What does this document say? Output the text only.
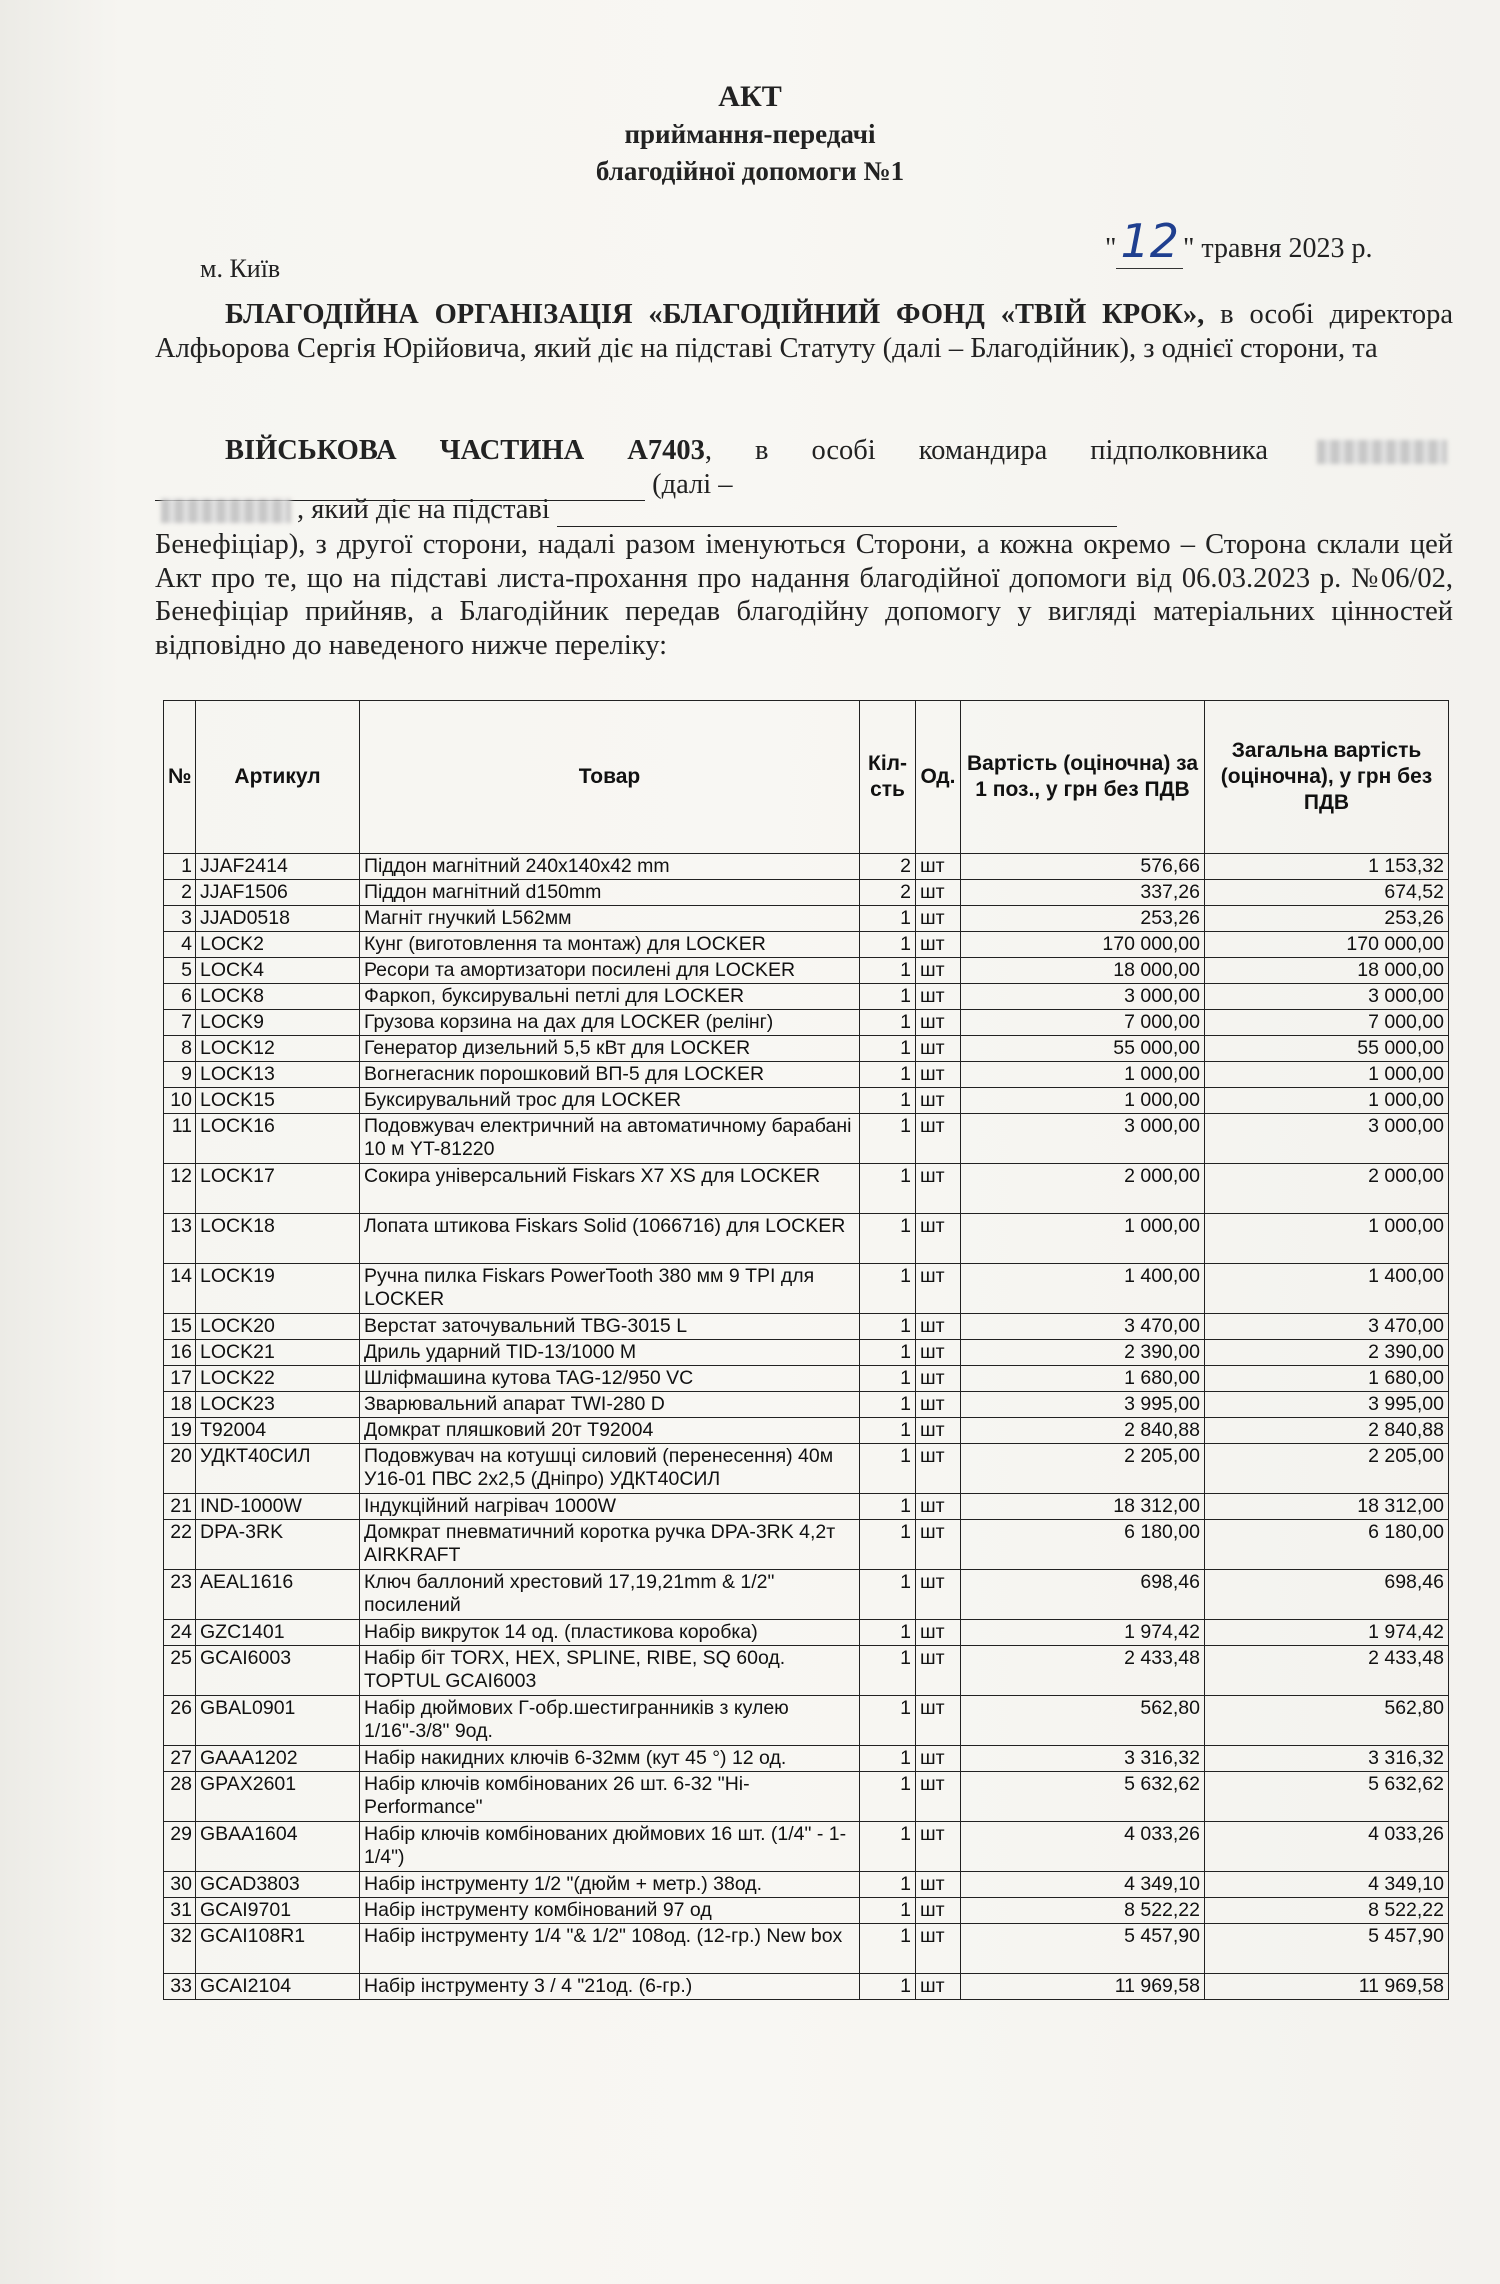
АКТ
приймання-передачі
благодійної допомоги №1
"12 " травня 2023 р.
м. Київ
БЛАГОДІЙНА ОРГАНІЗАЦІЯ «БЛАГОДІЙНИЙ ФОНД «ТВІЙ КРОК», в особі директора Алфьорова Сергія Юрійовича, який діє на підставі Статуту (далі – Благодійник), з однієї сторони, та
ВІЙСЬКОВА ЧАСТИНА А7403, в особі командира підполковника  (далі –
, який діє на підставі
Бенефіціар), з другої сторони, надалі разом іменуються Сторони, а кожна окремо – Сторона склали цей Акт про те, що на підставі листа-прохання про надання благодійної допомоги від 06.03.2023 р. №06/02, Бенефіціар прийняв, а Благодійник передав благодійну допомогу у вигляді матеріальних цінностей відповідно до наведеного нижче переліку:
№	Артикул	Товар	Кіл-сть	Од.	Вартість (оціночна) за 1 поз., у грн без ПДВ	Загальна вартість (оціночна), у грн без ПДВ
1	JJAF2414	Піддон магнітний 240х140х42 mm	2	шт	576,66	1 153,32
2	JJAF1506	Піддон магнітний d150mm	2	шт	337,26	674,52
3	JJAD0518	Магніт гнучкий L562мм	1	шт	253,26	253,26
4	LOCK2	Кунг (виготовлення та монтаж) для LOCKER	1	шт	170 000,00	170 000,00
5	LOCK4	Ресори та амортизатори посилені для LOCKER	1	шт	18 000,00	18 000,00
6	LOCK8	Фаркоп, буксирувальні петлі для LOCKER	1	шт	3 000,00	3 000,00
7	LOCK9	Грузова корзина на дах для LOCKER (релінг)	1	шт	7 000,00	7 000,00
8	LOCK12	Генератор дизельний 5,5 кВт для LOCKER	1	шт	55 000,00	55 000,00
9	LOCK13	Вогнегасник порошковий ВП-5 для LOCKER	1	шт	1 000,00	1 000,00
10	LOCK15	Буксирувальний трос для LOCKER	1	шт	1 000,00	1 000,00
11	LOCK16	Подовжувач електричний на автоматичному барабані 10 м YT-81220	1	шт	3 000,00	3 000,00
12	LOCK17	Сокира універсальний Fiskars X7 XS для LOCKER	1	шт	2 000,00	2 000,00
13	LOCK18	Лопата штикова Fiskars Solid (1066716) для LOCKER	1	шт	1 000,00	1 000,00
14	LOCK19	Ручна пилка Fiskars PowerTooth 380 мм 9 TPI для LOCKER	1	шт	1 400,00	1 400,00
15	LOCK20	Верстат заточувальний TBG-3015 L	1	шт	3 470,00	3 470,00
16	LOCK21	Дриль ударний TID-13/1000 M	1	шт	2 390,00	2 390,00
17	LOCK22	Шліфмашина кутова TAG-12/950 VC	1	шт	1 680,00	1 680,00
18	LOCK23	Зварювальний апарат TWI-280 D	1	шт	3 995,00	3 995,00
19	T92004	Домкрат пляшковий 20т T92004	1	шт	2 840,88	2 840,88
20	УДКТ40СИЛ	Подовжувач на котушці силовий (перенесення) 40м У16-01 ПВС 2х2,5 (Дніпро) УДКТ40СИЛ	1	шт	2 205,00	2 205,00
21	IND-1000W	Індукційний нагрівач 1000W	1	шт	18 312,00	18 312,00
22	DPA-3RK	Домкрат пневматичний коротка ручка DPA-3RK 4,2т AIRKRAFT	1	шт	6 180,00	6 180,00
23	AEAL1616	Ключ баллоний хрестовий 17,19,21mm & 1/2" посилений	1	шт	698,46	698,46
24	GZC1401	Набір викруток 14 од. (пластикова коробка)	1	шт	1 974,42	1 974,42
25	GCAI6003	Набір біт TORX, HEX, SPLINE, RIBE, SQ 60од. TOPTUL GCAI6003	1	шт	2 433,48	2 433,48
26	GBAL0901	Набір дюймових Г-обр.шестигранників з кулею 1/16"-3/8" 9од.	1	шт	562,80	562,80
27	GAAA1202	Набір накидних ключів 6-32мм (кут 45 °) 12 од.	1	шт	3 316,32	3 316,32
28	GPAX2601	Набір ключів комбінованих 26 шт. 6-32 "Hi-Performance"	1	шт	5 632,62	5 632,62
29	GBAA1604	Набір ключів комбінованих дюймових 16 шт. (1/4" - 1-1/4")	1	шт	4 033,26	4 033,26
30	GCAD3803	Набір інструменту 1/2 "(дюйм + метр.) 38од.	1	шт	4 349,10	4 349,10
31	GCAI9701	Набір інструменту комбінований 97 од	1	шт	8 522,22	8 522,22
32	GCAI108R1	Набір інструменту 1/4 "& 1/2" 108од. (12-гр.) New box	1	шт	5 457,90	5 457,90
33	GCAI2104	Набір інструменту 3 / 4 "21од. (6-гр.)	1	шт	11 969,58	11 969,58
